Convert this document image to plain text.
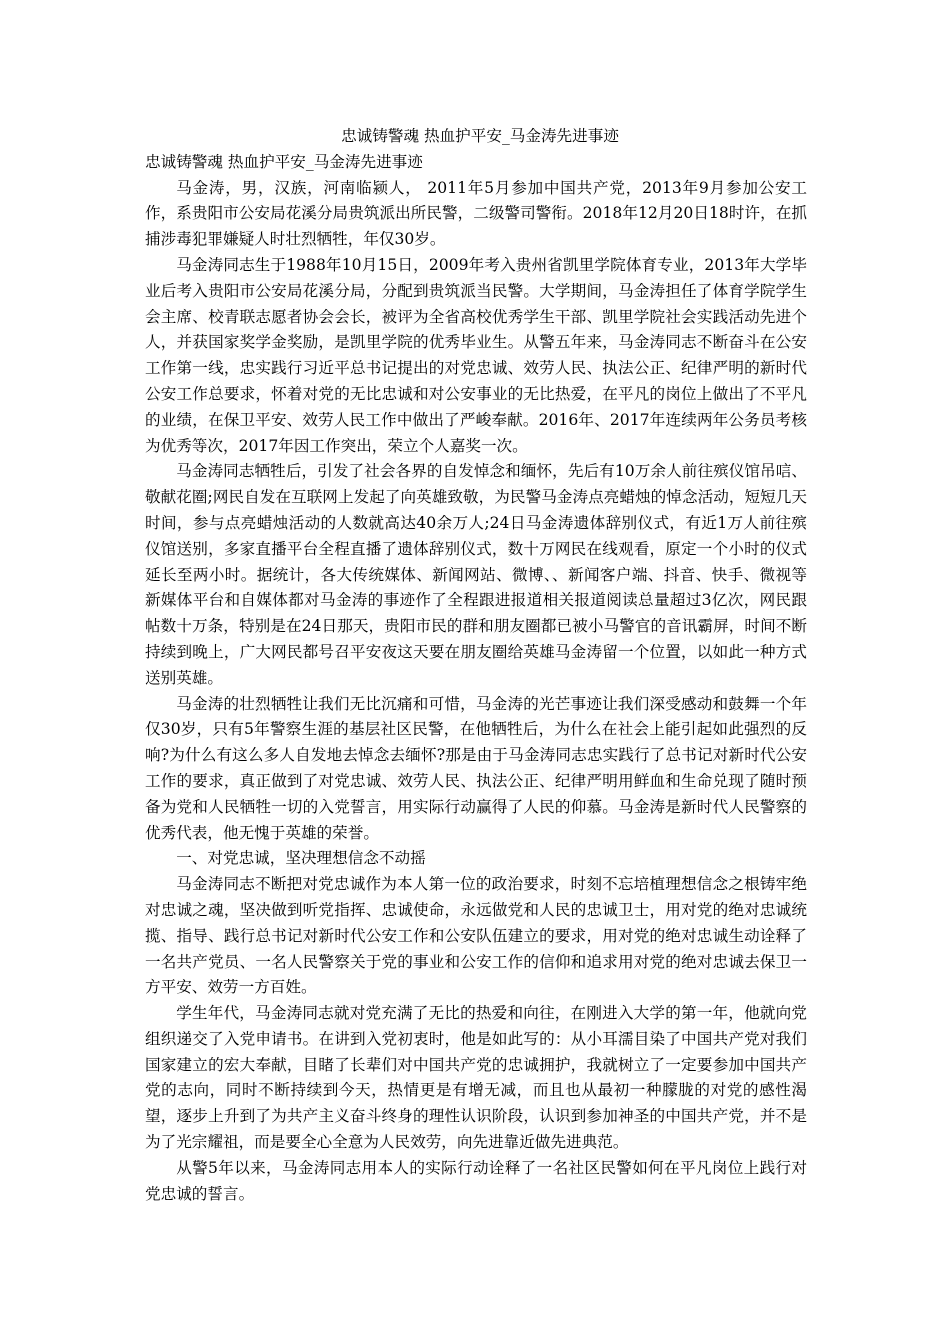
忠诚铸警魂 热血护平安_马金涛先进事迹
忠诚铸警魂 热血护平安_马金涛先进事迹

马金涛，男，汉族，河南临颍人， 2011年5月参加中国共产党，2013年9月参加公安工作，系贵阳市公安局花溪分局贵筑派出所民警，二级警司警衔。2018年12月20日18时许，在抓捕涉毒犯罪嫌疑人时壮烈牺牲，年仅30岁。

马金涛同志生于1988年10月15日，2009年考入贵州省凯里学院体育专业，2013年大学毕业后考入贵阳市公安局花溪分局，分配到贵筑派当民警。大学期间，马金涛担任了体育学院学生会主席、校青联志愿者协会会长，被评为全省高校优秀学生干部、凯里学院社会实践活动先进个人，并获国家奖学金奖励，是凯里学院的优秀毕业生。从警五年来，马金涛同志不断奋斗在公安工作第一线，忠实践行习近平总书记提出的对党忠诚、效劳人民、执法公正、纪律严明的新时代公安工作总要求，怀着对党的无比忠诚和对公安事业的无比热爱，在平凡的岗位上做出了不平凡的业绩，在保卫平安、效劳人民工作中做出了严峻奉献。2016年、2017年连续两年公务员考核为优秀等次，2017年因工作突出，荣立个人嘉奖一次。

马金涛同志牺牲后，引发了社会各界的自发悼念和缅怀，先后有10万余人前往殡仪馆吊唁、敬献花圈;网民自发在互联网上发起了向英雄致敬，为民警马金涛点亮蜡烛的悼念活动，短短几天时间，参与点亮蜡烛活动的人数就高达40余万人;24日马金涛遗体辞别仪式，有近1万人前往殡仪馆送别，多家直播平台全程直播了遗体辞别仪式，数十万网民在线观看，原定一个小时的仪式延长至两小时。据统计，各大传统媒体、新闻网站、微博、、新闻客户端、抖音、快手、微视等新媒体平台和自媒体都对马金涛的事迹作了全程跟进报道相关报道阅读总量超过3亿次，网民跟帖数十万条，特别是在24日那天，贵阳市民的群和朋友圈都已被小马警官的音讯霸屏，时间不断持续到晚上，广大网民都号召平安夜这天要在朋友圈给英雄马金涛留一个位置，以如此一种方式送别英雄。

马金涛的壮烈牺牲让我们无比沉痛和可惜，马金涛的光芒事迹让我们深受感动和鼓舞一个年仅30岁，只有5年警察生涯的基层社区民警，在他牺牲后，为什么在社会上能引起如此强烈的反响?为什么有这么多人自发地去悼念去缅怀?那是由于马金涛同志忠实践行了总书记对新时代公安工作的要求，真正做到了对党忠诚、效劳人民、执法公正、纪律严明用鲜血和生命兑现了随时预备为党和人民牺牲一切的入党誓言，用实际行动赢得了人民的仰慕。马金涛是新时代人民警察的优秀代表，他无愧于英雄的荣誉。

一、对党忠诚，坚决理想信念不动摇

马金涛同志不断把对党忠诚作为本人第一位的政治要求，时刻不忘培植理想信念之根铸牢绝对忠诚之魂，坚决做到听党指挥、忠诚使命，永远做党和人民的忠诚卫士，用对党的绝对忠诚统揽、指导、践行总书记对新时代公安工作和公安队伍建立的要求，用对党的绝对忠诚生动诠释了一名共产党员、一名人民警察关于党的事业和公安工作的信仰和追求用对党的绝对忠诚去保卫一方平安、效劳一方百姓。

学生年代，马金涛同志就对党充满了无比的热爱和向往，在刚进入大学的第一年，他就向党组织递交了入党申请书。在讲到入党初衷时，他是如此写的：从小耳濡目染了中国共产党对我们国家建立的宏大奉献，目睹了长辈们对中国共产党的忠诚拥护，我就树立了一定要参加中国共产党的志向，同时不断持续到今天，热情更是有增无减，而且也从最初一种朦胧的对党的感性渴望，逐步上升到了为共产主义奋斗终身的理性认识阶段，认识到参加神圣的中国共产党，并不是为了光宗耀祖，而是要全心全意为人民效劳，向先进靠近做先进典范。

从警5年以来，马金涛同志用本人的实际行动诠释了一名社区民警如何在平凡岗位上践行对党忠诚的誓言。
